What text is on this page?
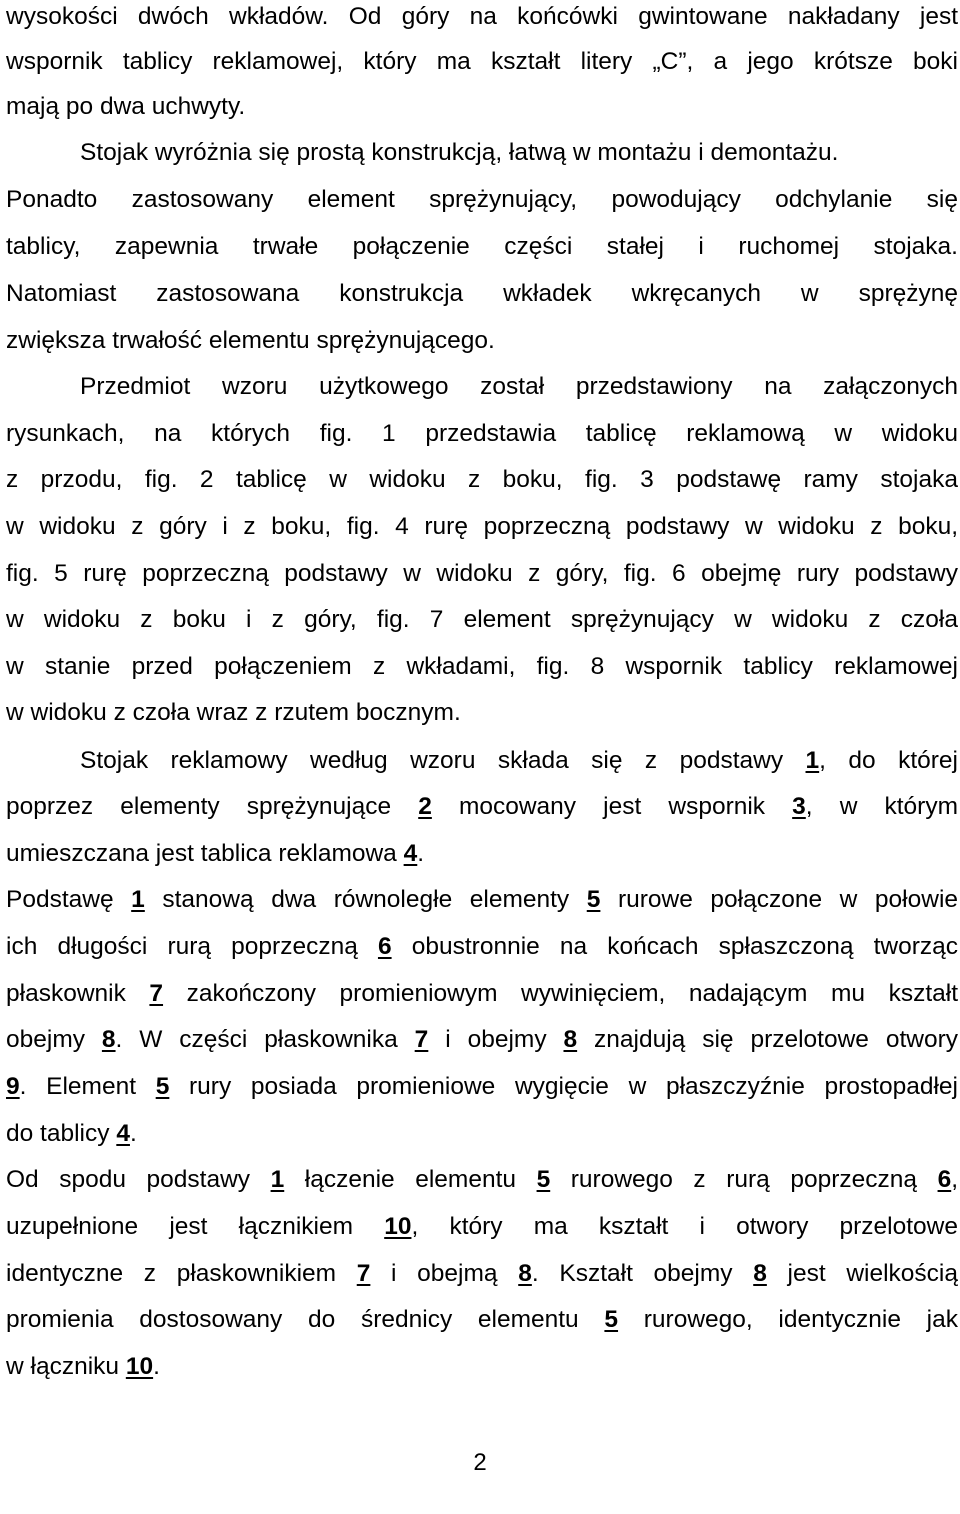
wysokości dwóch wkładów. Od góry na końcówki gwintowane nakładany jest
wspornik tablicy reklamowej, który ma kształt litery „C”, a jego krótsze boki
mają po dwa uchwyty.
Stojak wyróżnia się prostą konstrukcją, łatwą w montażu i demontażu.
Ponadto zastosowany element sprężynujący, powodujący odchylanie się
tablicy, zapewnia trwałe połączenie części stałej i ruchomej stojaka.
Natomiast zastosowana konstrukcja wkładek wkręcanych w sprężynę
zwiększa trwałość elementu sprężynującego.
Przedmiot wzoru użytkowego został przedstawiony na załączonych
rysunkach, na których fig. 1 przedstawia tablicę reklamową w widoku
z przodu, fig. 2 tablicę w widoku z boku, fig. 3 podstawę ramy stojaka
w widoku z góry i z boku, fig. 4 rurę poprzeczną podstawy w widoku z boku,
fig. 5 rurę poprzeczną podstawy w widoku z góry, fig. 6 obejmę rury podstawy
w widoku z boku i z góry, fig. 7 element sprężynujący w widoku z czoła
w stanie przed połączeniem z wkładami, fig. 8 wspornik tablicy reklamowej
w widoku z czoła wraz z rzutem bocznym.
Stojak reklamowy według wzoru składa się z podstawy 1, do której
poprzez elementy sprężynujące 2 mocowany jest wspornik 3, w którym
umieszczana jest tablica reklamowa 4.
Podstawę 1 stanową dwa równoległe elementy 5 rurowe połączone w połowie
ich długości rurą poprzeczną 6 obustronnie na końcach spłaszczoną tworząc
płaskownik 7 zakończony promieniowym wywinięciem, nadającym mu kształt
obejmy 8. W części płaskownika 7 i obejmy 8 znajdują się przelotowe otwory
9. Element 5 rury posiada promieniowe wygięcie w płaszczyźnie prostopadłej
do tablicy 4.
Od spodu podstawy 1 łączenie elementu 5 rurowego z rurą poprzeczną 6,
uzupełnione jest łącznikiem 10, który ma kształt i otwory przelotowe
identyczne z płaskownikiem 7 i obejmą 8. Kształt obejmy 8 jest wielkością
promienia dostosowany do średnicy elementu 5 rurowego, identycznie jak
w łączniku 10.
2
